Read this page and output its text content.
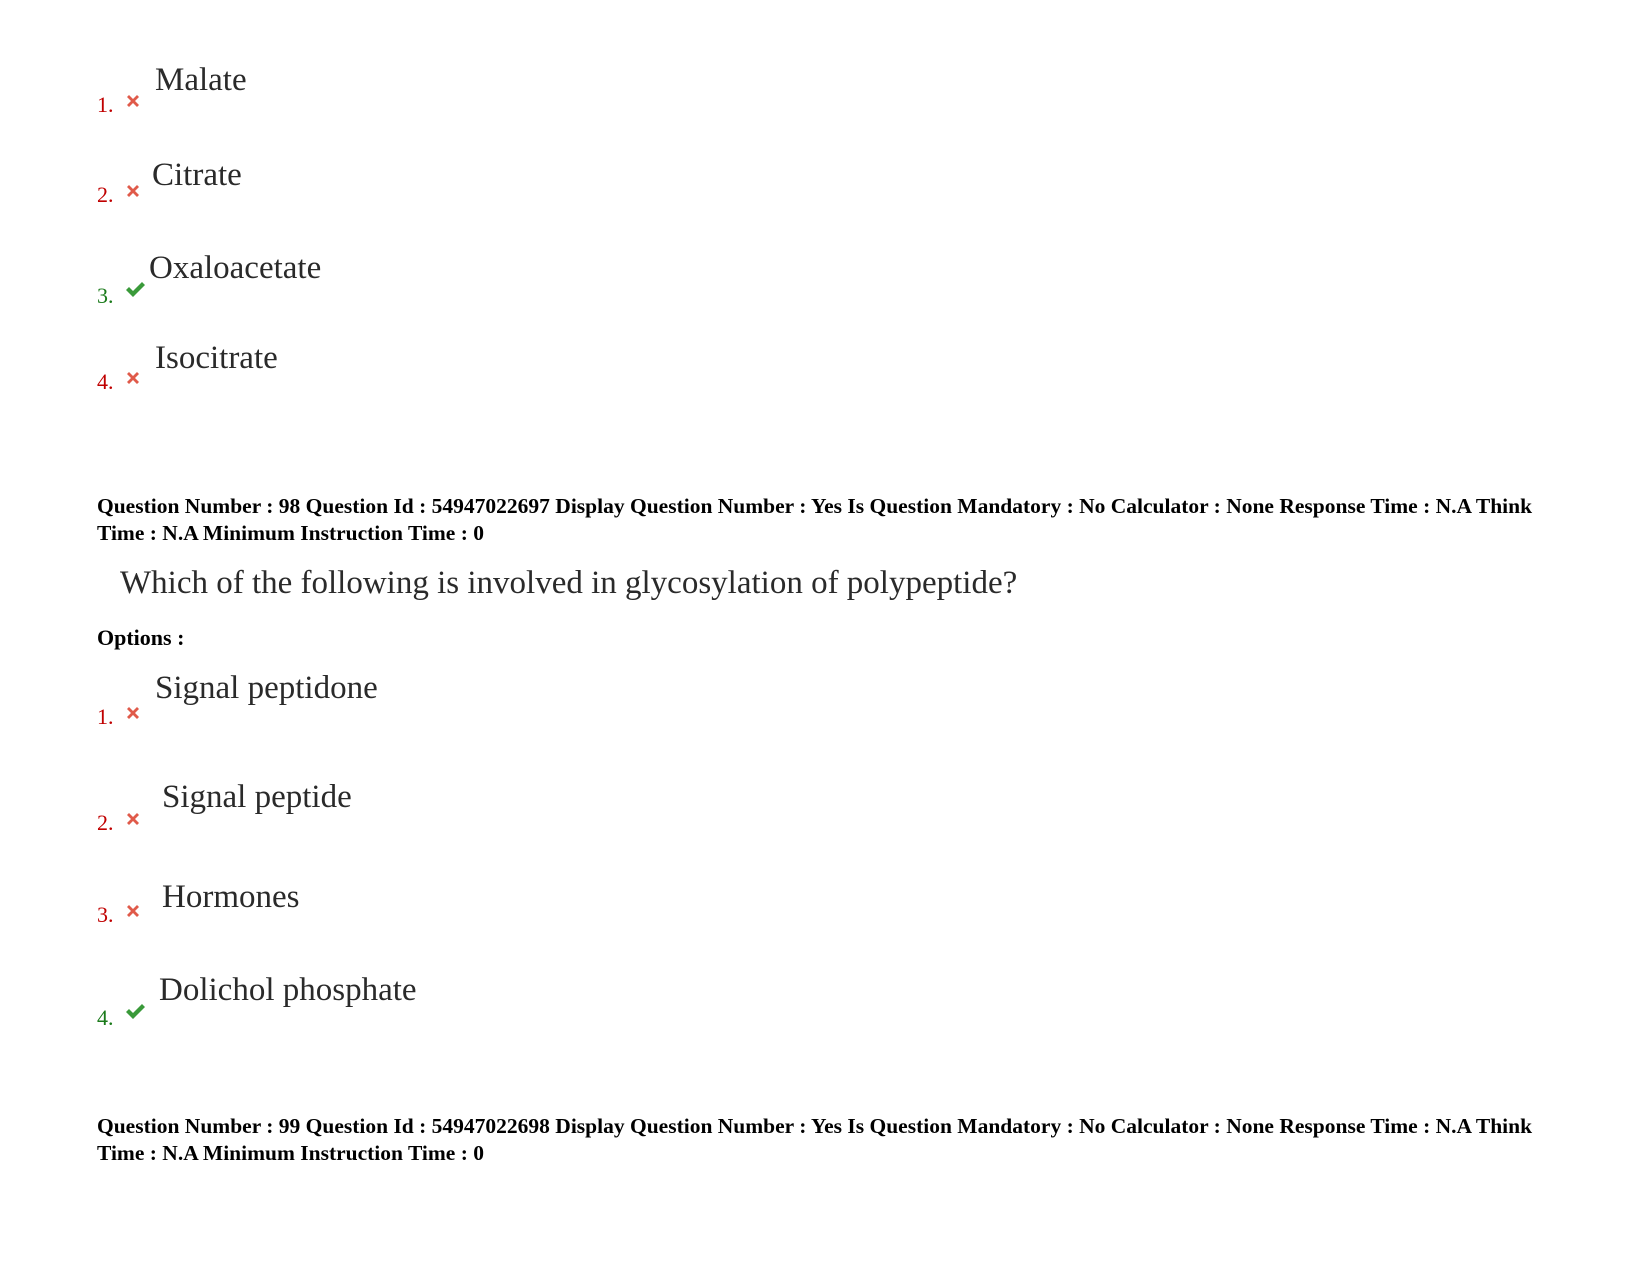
1.
Malate
2.
Citrate
3.
Oxaloacetate
4.
Isocitrate
Question Number : 98 Question Id : 54947022697 Display Question Number : Yes Is Question Mandatory : No Calculator : None Response Time : N.A Think Time : N.A Minimum Instruction Time : 0
Which of the following is involved in glycosylation of polypeptide?
Options :
1.
Signal peptidone
2.
Signal peptide
3. Hormones
4.
Dolichol phosphate
Question Number : 99 Question Id : 54947022698 Display Question Number : Yes Is Question Mandatory : No Calculator : None Response Time : N.A Think Time : N.A Minimum Instruction Time : 0
